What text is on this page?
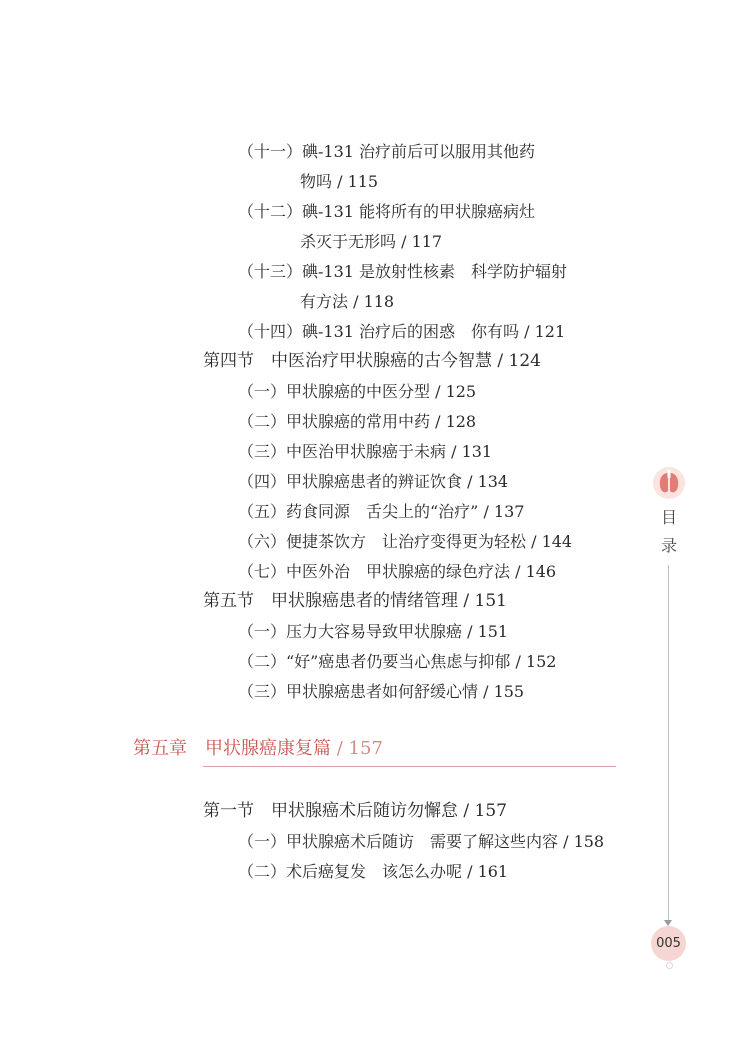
（十一）碘-131 治疗前后可以服用其他药
物吗 / 115
（十二）碘-131 能将所有的甲状腺癌病灶
杀灭于无形吗 / 117
（十三）碘-131 是放射性核素　科学防护辐射
有方法 / 118
（十四）碘-131 治疗后的困惑　你有吗 / 121
第四节　中医治疗甲状腺癌的古今智慧 / 124
（一）甲状腺癌的中医分型 / 125
（二）甲状腺癌的常用中药 / 128
（三）中医治甲状腺癌于未病 / 131
（四）甲状腺癌患者的辨证饮食 / 134
（五）药食同源　舌尖上的“治疗” / 137
（六）便捷茶饮方　让治疗变得更为轻松 / 144
（七）中医外治　甲状腺癌的绿色疗法 / 146
第五节　甲状腺癌患者的情绪管理 / 151
（一）压力大容易导致甲状腺癌 / 151
（二）“好”癌患者仍要当心焦虑与抑郁 / 152
（三）甲状腺癌患者如何舒缓心情 / 155
第五章 甲状腺癌康复篇 / 157
第一节　甲状腺癌术后随访勿懈怠 / 157
（一）甲状腺癌术后随访　需要了解这些内容 / 158
（二）术后癌复发　该怎么办呢 / 161
目
录
005
